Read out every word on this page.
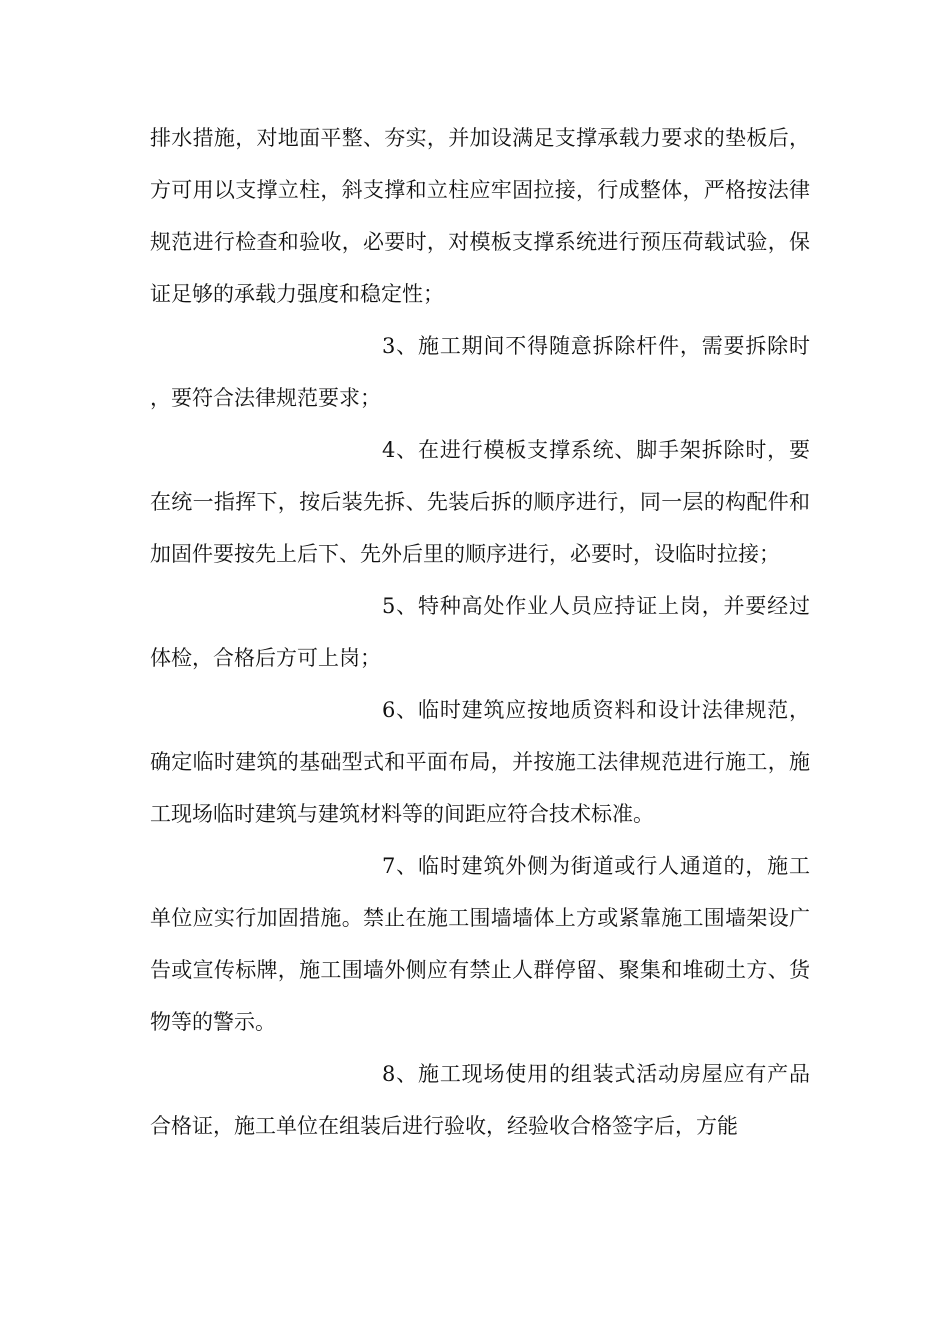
排水措施，对地面平整、夯实，并加设满足支撑承载力要求的垫板后，方可用以支撑立柱，斜支撑和立柱应牢固拉接，行成整体，严格按法律规范进行检查和验收，必要时，对模板支撑系统进行预压荷载试验，保证足够的承载力强度和稳定性；

3、施工期间不得随意拆除杆件，需要拆除时，要符合法律规范要求；

4、在进行模板支撑系统、脚手架拆除时，要在统一指挥下，按后装先拆、先装后拆的顺序进行，同一层的构配件和加固件要按先上后下、先外后里的顺序进行，必要时，设临时拉接；

5、特种高处作业人员应持证上岗，并要经过体检，合格后方可上岗；

6、临时建筑应按地质资料和设计法律规范，确定临时建筑的基础型式和平面布局，并按施工法律规范进行施工，施工现场临时建筑与建筑材料等的间距应符合技术标准。

7、临时建筑外侧为街道或行人通道的，施工单位应实行加固措施。禁止在施工围墙墙体上方或紧靠施工围墙架设广告或宣传标牌，施工围墙外侧应有禁止人群停留、聚集和堆砌土方、货物等的警示。

8、施工现场使用的组装式活动房屋应有产品合格证，施工单位在组装后进行验收，经验收合格签字后，方能
